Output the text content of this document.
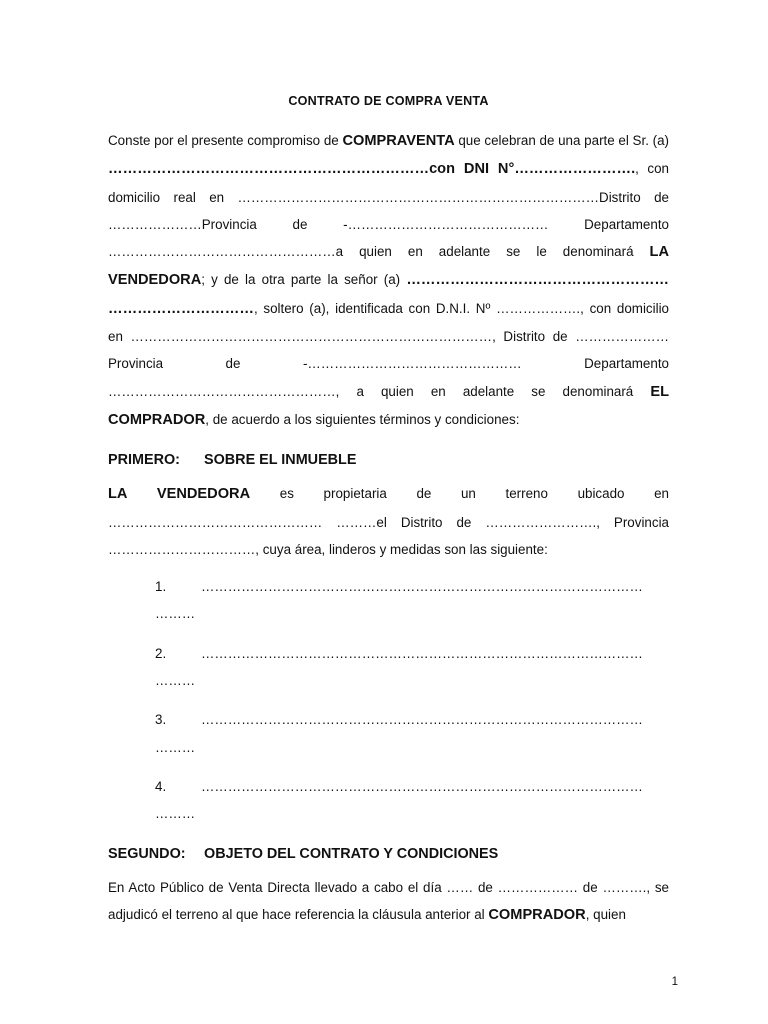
CONTRATO DE COMPRA VENTA

Conste por el presente compromiso de COMPRAVENTA que celebran de una parte el Sr. (a) …………………………………………………………con DNI N°……………………., con domicilio real en ………………………………………………………………………Distrito de …………………Provincia de -……………………………………… Departamento ……………………………………………a quien en adelante se le denominará LA VENDEDORA; y de la otra parte la señor (a) ……………………………………………… …………………………, soltero (a), identificada con D.N.I. Nº ………………., con domicilio en ………………………………………………………………………, Distrito de …………………Provincia de -………………………………………… Departamento ……………………………………………, a quien en adelante se denominará EL COMPRADOR, de acuerdo a los siguientes términos y condiciones:

PRIMERO: SOBRE EL INMUEBLE

LA VENDEDORA es propietaria de un terreno ubicado en ………………………………………… ………el Distrito de ……………………., Provincia ……………………………, cuya área, linderos y medidas son las siguiente:

1.	………………………………………………………………………………………
………
2.	………………………………………………………………………………………
………
3.	………………………………………………………………………………………
………
4.	………………………………………………………………………………………
………
SEGUNDO: OBJETO DEL CONTRATO Y CONDICIONES

En Acto Público de Venta Directa llevado a cabo el día …… de ……………… de ………., se adjudicó el terreno al que hace referencia la cláusula anterior al COMPRADOR, quien

1
